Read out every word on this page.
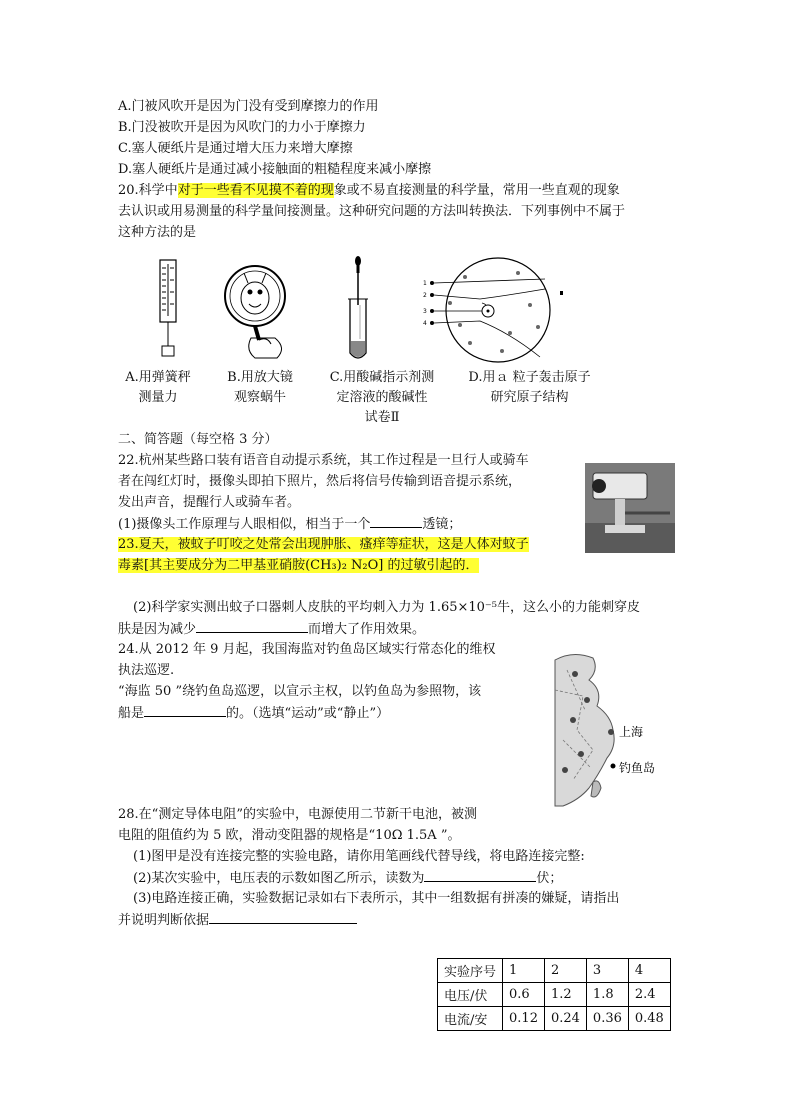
A.门被风吹开是因为门没有受到摩擦力的作用
B.门没被吹开是因为风吹门的力小于摩擦力
C.塞人硬纸片是通过增大压力来增大摩擦
D.塞人硬纸片是通过减小接触面的粗糙程度来减小摩擦
20.科学中对于一些看不见摸不着的现象或不易直接测量的科学量，常用一些直观的现象
去认识或用易测量的科学量间接测量。这种研究问题的方法叫转换法．下列事例中不属于
这种方法的是
1
2
3
4
A.用弹簧秤
测量力
B.用放大镜
观察蜗牛
C.用酸碱指示剂测
定溶液的酸碱性
试卷Ⅱ
D.用ａ 粒子轰击原子
研究原子结构
二、简答题（每空格 3 分）
22.杭州某些路口装有语音自动提示系统，其工作过程是一旦行人或骑车
者在闯红灯时，摄像头即拍下照片，然后将信号传输到语音提示系统，
发出声音，提醒行人或骑车者。
(1)摄像头工作原理与人眼相似，相当于一个	透镜；
23.夏天，被蚊子叮咬之处常会出现肿胀、瘙痒等症状，这是人体对蚊子
毒素[其主要成分为二甲基亚硝胺(CH₃)₂ N₂O] 的过敏引起的．
(2)科学家实测出蚊子口器刺人皮肤的平均刺入力为 1.65×10⁻⁵牛，这么小的力能刺穿皮
肤是因为减少	而增大了作用效果。
24.从 2012 年 9 月起，我国海监对钓鱼岛区域实行常态化的维权
执法巡逻.
“海监 50 ”绕钓鱼岛巡逻，以宣示主权，以钓鱼岛为参照物，该
船是	的。（选填“运动”或“静止”）
上海
钓鱼岛
28.在“测定导体电阻”的实验中，电源使用二节新干电池，被测
电阻的阻值约为 5 欧，滑动变阻器的规格是“10Ω 1.5A ”。
(1)图甲是没有连接完整的实验电路，请你用笔画线代替导线，将电路连接完整:
(2)某次实验中，电压表的示数如图乙所示，读数为	伏；
(3)电路连接正确，实验数据记录如右下表所示，其中一组数据有拼凑的嫌疑，请指出
并说明判断依据
实验序号	1	2	3	4
电压/伏	0.6	1.2	1.8	2.4
电流/安	0.12	0.24	0.36	0.48
